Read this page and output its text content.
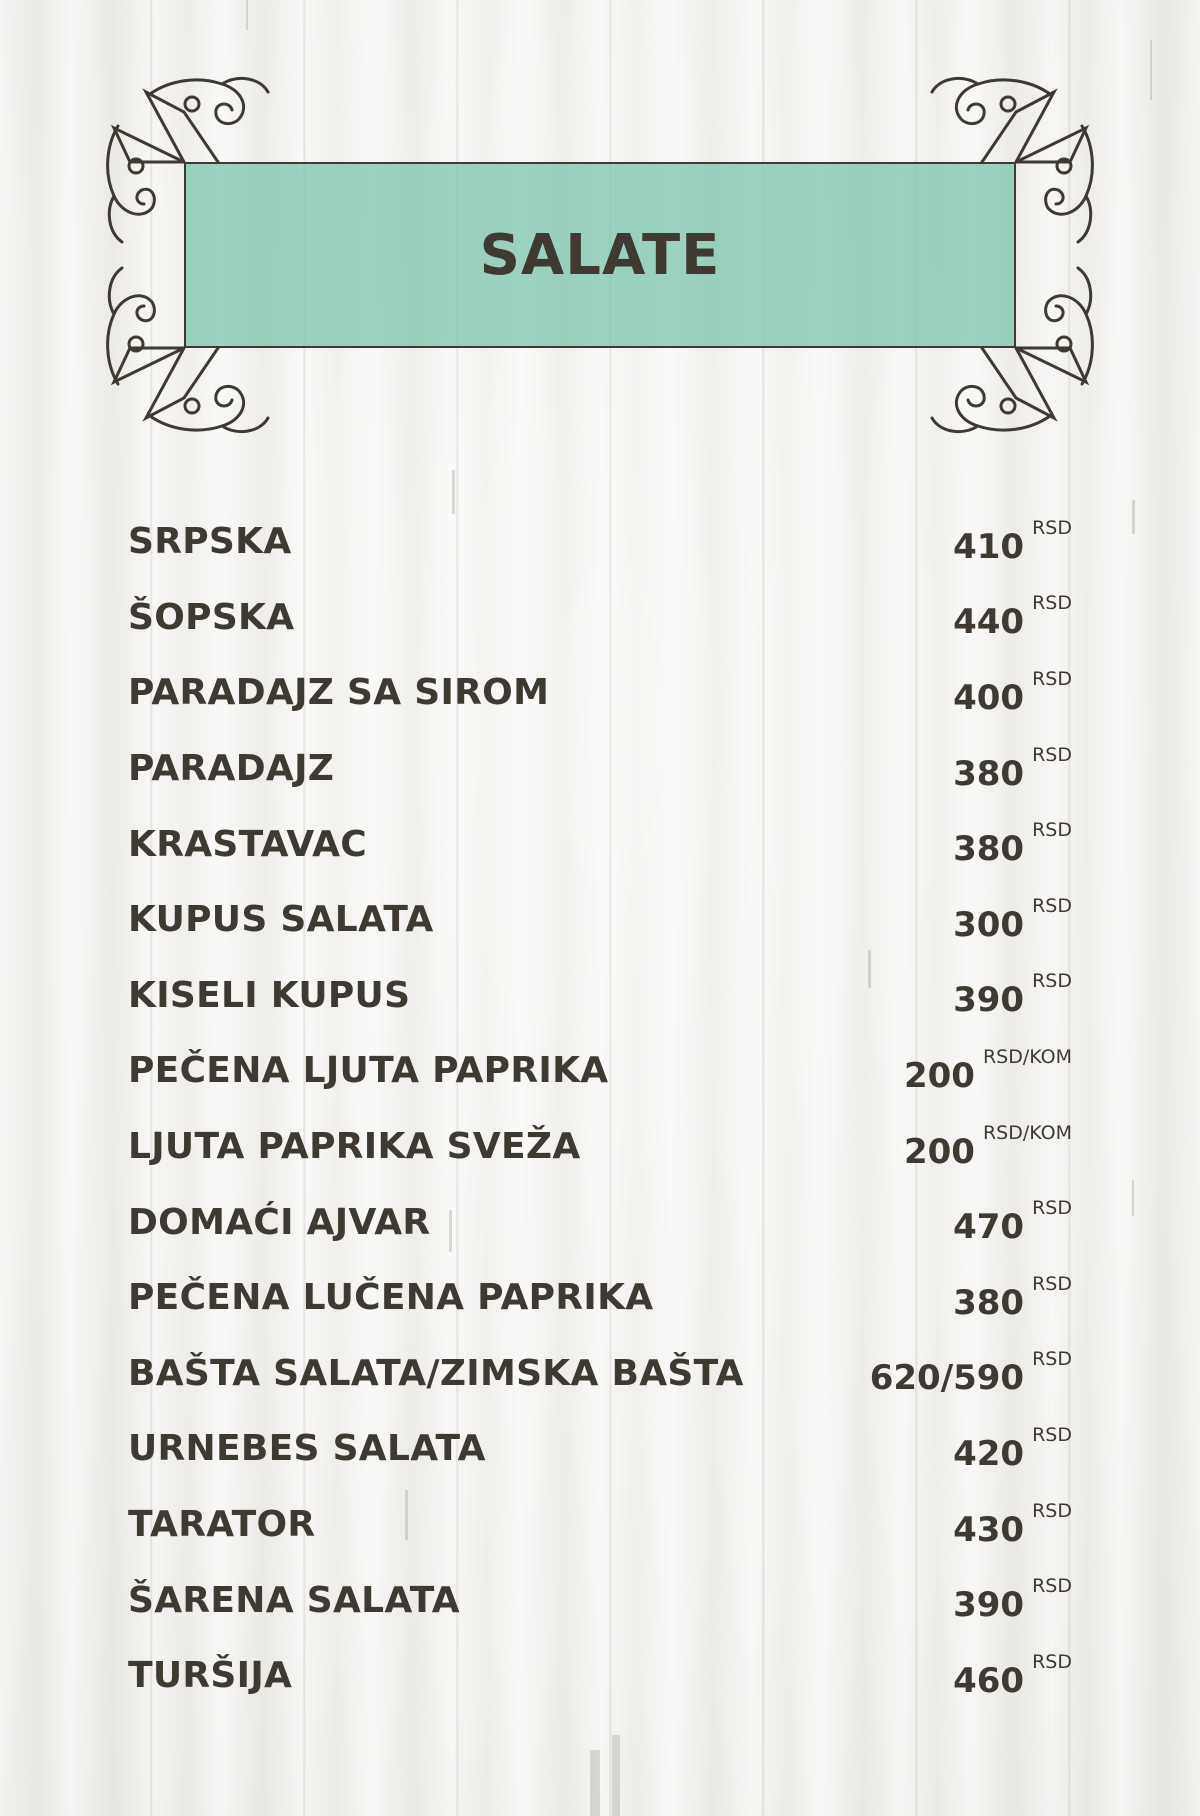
SALATE
SRPSKA	410 RSD
ŠOPSKA	440 RSD
PARADAJZ SA SIROM	400 RSD
PARADAJZ	380 RSD
KRASTAVAC	380 RSD
KUPUS SALATA	300 RSD
KISELI KUPUS	390 RSD
PEČENA LJUTA PAPRIKA	200 RSD/KOM
LJUTA PAPRIKA SVEŽA	200 RSD/KOM
DOMAĆI AJVAR	470 RSD
PEČENA LUČENA PAPRIKA	380 RSD
BAŠTA SALATA/ZIMSKA BAŠTA	620/590 RSD
URNEBES SALATA	420 RSD
TARATOR	430 RSD
ŠARENA SALATA	390 RSD
TURŠIJA	460 RSD
